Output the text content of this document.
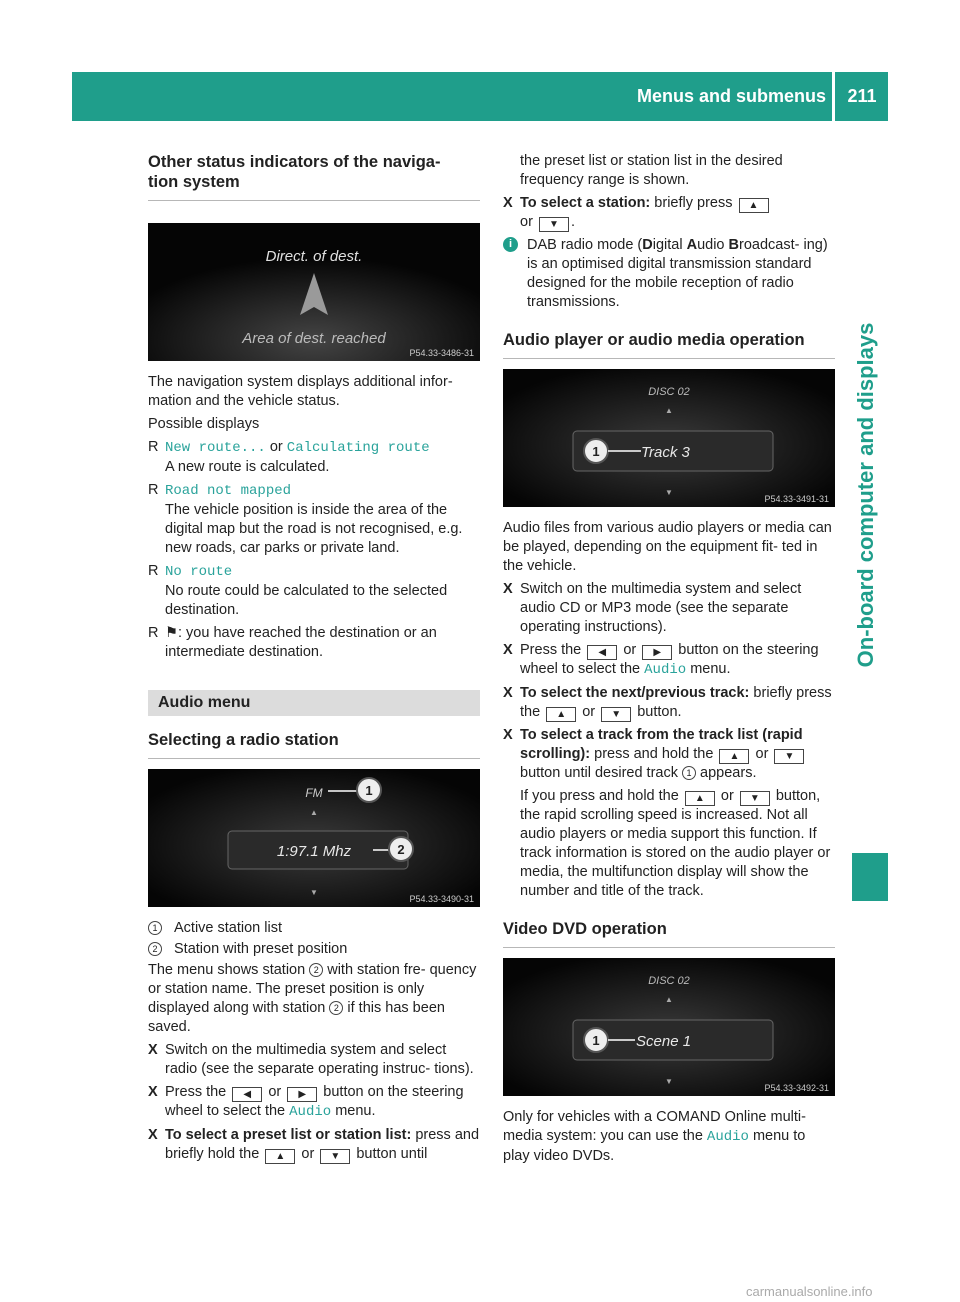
Menus and submenus	211
On-board computer and displays
Other status indicators of the naviga-
tion system
Direct. of dest.
Area of dest. reached
P54.33-3486-31

The navigation system displays additional infor- mation and the vehicle status.

Possible displays

R New route... or Calculating route
A new route is calculated.
R Road not mapped
The vehicle position is inside the area of the digital map but the road is not recognised, e.g. new roads, car parks or private land.
R No route
No route could be calculated to the selected destination.
R ⚑: you have reached the destination or an intermediate destination.
Audio menu
Selecting a radio station
FM	1
▲
1:97.1 Mhz	2
▼
P54.33-3490-31
1	Active station list
2	Station with preset position

The menu shows station 2 with station fre- quency or station name. The preset position is only displayed along with station 2 if this has been saved.

X Switch on the multimedia system and select radio (see the separate operating instruc- tions).
X Press the ◀ or ▶ button on the steering wheel to select the Audio menu.
X To select a preset list or station list: press and briefly hold the ▲ or ▼ button until

the preset list or station list in the desired frequency range is shown.

X To select a station: briefly press ▲
or ▼ .
i	DAB radio mode (Digital Audio Broadcast- ing) is an optimised digital transmission standard designed for the mobile reception of radio transmissions.
Audio player or audio media operation
DISC 02
▲
1	Track 3
▼
P54.33-3491-31

Audio files from various audio players or media can be played, depending on the equipment fit- ted in the vehicle.

X Switch on the multimedia system and select audio CD or MP3 mode (see the separate operating instructions).
X Press the ◀ or ▶ button on the steering wheel to select the Audio menu.
X To select the next/previous track: briefly press the ▲ or ▼ button.
X To select a track from the track list (rapid scrolling): press and hold the ▲ or ▼ button until desired track 1 appears.

If you press and hold the ▲ or ▼ button, the rapid scrolling speed is increased. Not all audio players or media support this function. If track information is stored on the audio player or media, the multifunction display will show the number and title of the track.

Video DVD operation
DISC 02
▲
1 Scene 1
▼
P54.33-3492-31

Only for vehicles with a COMAND Online multi- media system: you can use the Audio menu to play video DVDs.

carmanualsonline.info
